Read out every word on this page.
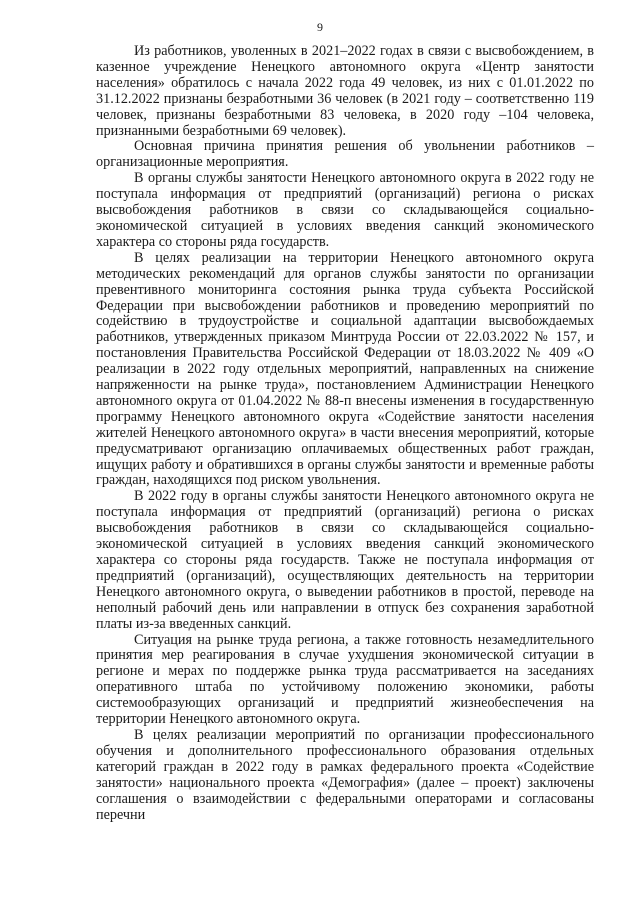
9

Из работников, уволенных в 2021–2022 годах в связи с высвобождением, в казенное учреждение Ненецкого автономного округа «Центр занятости населения» обратилось с начала 2022 года 49 человек, из них с 01.01.2022 по 31.12.2022 признаны безработными 36 человек (в 2021 году – соответственно 119 человек, признаны безработными 83 человека, в 2020 году –104 человека, признанными безработными 69 человек).

Основная причина принятия решения об увольнении работников – организационные мероприятия.

В органы службы занятости Ненецкого автономного округа в 2022 году не поступала информация от предприятий (организаций) региона о рисках высвобождения работников в связи со складывающейся социально-экономической ситуацией в условиях введения санкций экономического характера со стороны ряда государств.

В целях реализации на территории Ненецкого автономного округа методических рекомендаций для органов службы занятости по организации превентивного мониторинга состояния рынка труда субъекта Российской Федерации при высвобождении работников и проведению мероприятий по содействию в трудоустройстве и социальной адаптации высвобождаемых работников, утвержденных приказом Минтруда России от 22.03.2022 № 157, и постановления Правительства Российской Федерации от 18.03.2022 № 409 «О реализации в 2022 году отдельных мероприятий, направленных на снижение напряженности на рынке труда», постановлением Администрации Ненецкого автономного округа от 01.04.2022 № 88-п внесены изменения в государственную программу Ненецкого автономного округа «Содействие занятости населения жителей Ненецкого автономного округа» в части внесения мероприятий, которые предусматривают организацию оплачиваемых общественных работ граждан, ищущих работу и обратившихся в органы службы занятости и временные работы граждан, находящихся под риском увольнения.

В 2022 году в органы службы занятости Ненецкого автономного округа не поступала информация от предприятий (организаций) региона о рисках высвобождения работников в связи со складывающейся социально-экономической ситуацией в условиях введения санкций экономического характера со стороны ряда государств. Также не поступала информация от предприятий (организаций), осуществляющих деятельность на территории Ненецкого автономного округа, о выведении работников в простой, переводе на неполный рабочий день или направлении в отпуск без сохранения заработной платы из-за введенных санкций.

Ситуация на рынке труда региона, а также готовность незамедлительного принятия мер реагирования в случае ухудшения экономической ситуации в регионе и мерах по поддержке рынка труда рассматривается на заседаниях оперативного штаба по устойчивому положению экономики, работы системообразующих организаций и предприятий жизнеобеспечения на территории Ненецкого автономного округа.

В целях реализации мероприятий по организации профессионального обучения и дополнительного профессионального образования отдельных категорий граждан в 2022 году в рамках федерального проекта «Содействие занятости» национального проекта «Демография» (далее – проект) заключены соглашения о взаимодействии с федеральными операторами и согласованы перечни
